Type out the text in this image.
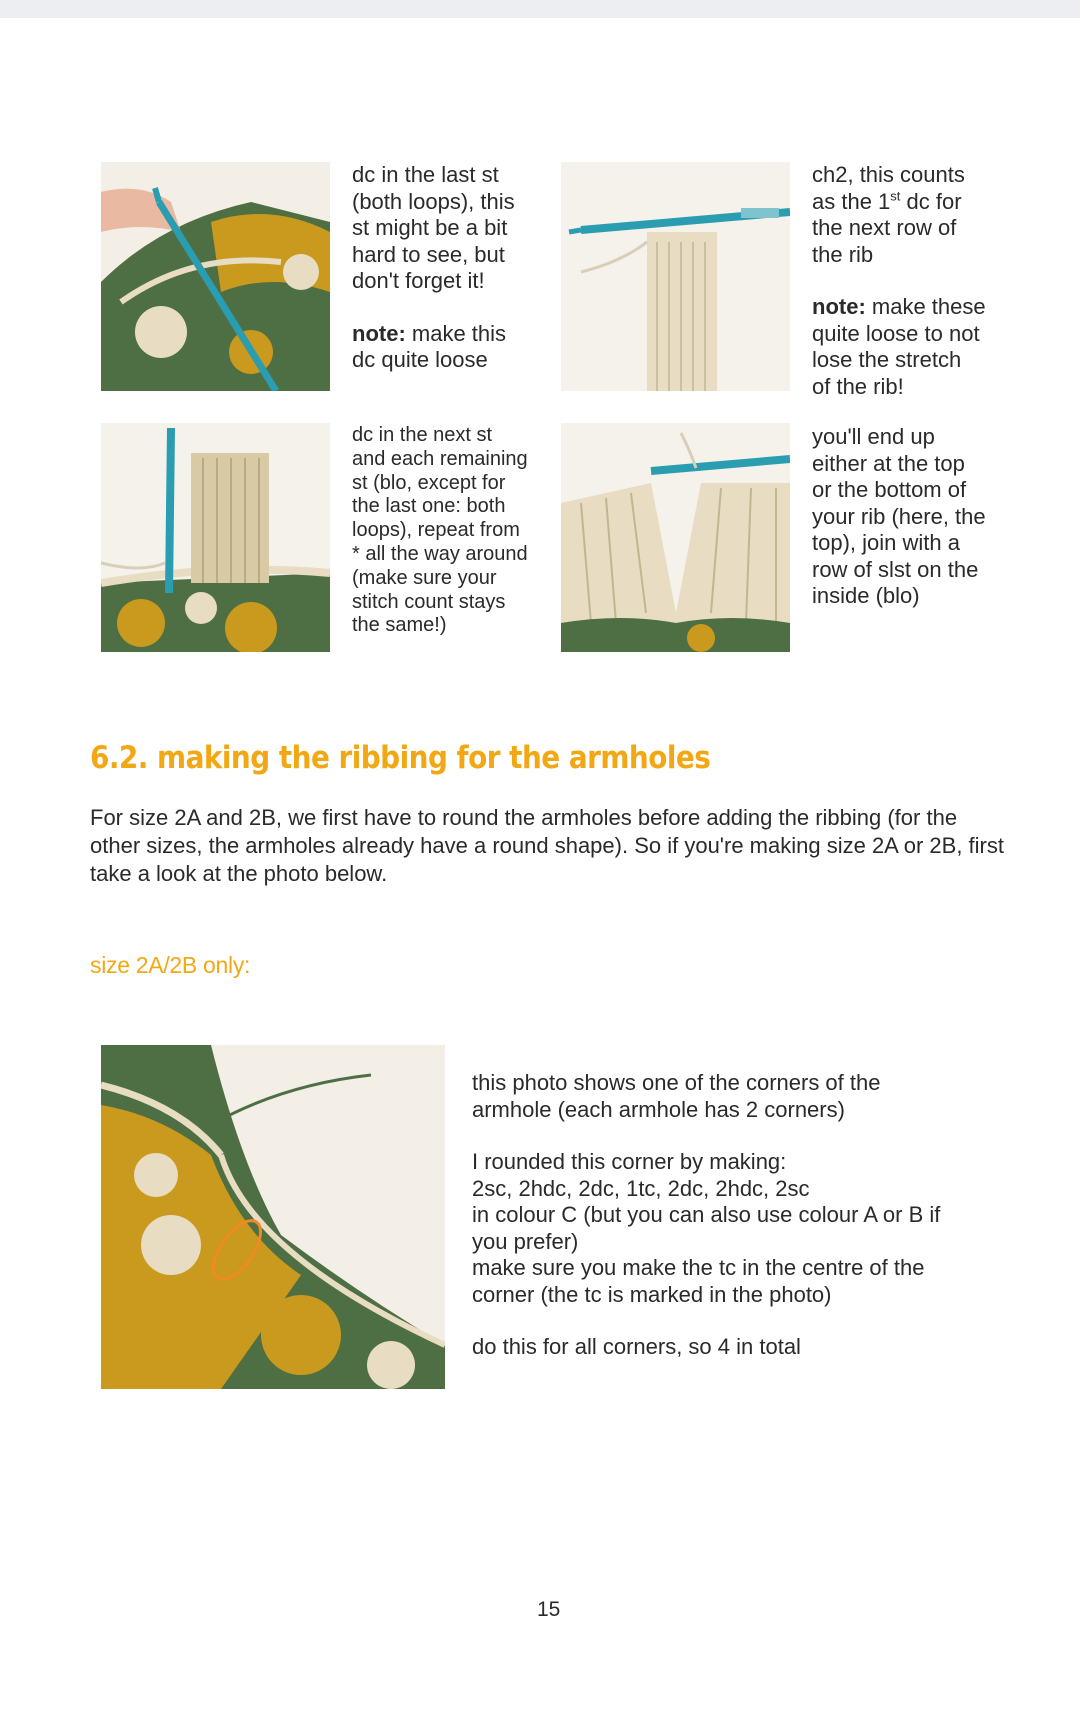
dc in the last st
(both loops), this
st might be a bit
hard to see, but
don't forget it!

note: make this
dc quite loose

ch2, this counts
as the 1st dc for
the next row of
the rib

note: make these
quite loose to not
lose the stretch
of the rib!

dc in the next st
and each remaining
st (blo, except for
the last one: both
loops), repeat from
* all the way around
(make sure your
stitch count stays
the same!)

you'll end up
either at the top
or the bottom of
your rib (here, the
top), join with a
row of slst on the
inside (blo)

6.2. making the ribbing for the armholes

For size 2A and 2B, we first have to round the armholes before adding the ribbing (for the other sizes, the armholes already have a round shape). So if you're making size 2A or 2B, first take a look at the photo below.

size 2A/2B only:

this photo shows one of the corners of the
armhole (each armhole has 2 corners)

I rounded this corner by making:
2sc, 2hdc, 2dc, 1tc, 2dc, 2hdc, 2sc
in colour C (but you can also use colour A or B if
you prefer)
make sure you make the tc in the centre of the
corner (the tc is marked in the photo)

do this for all corners, so 4 in total

15
